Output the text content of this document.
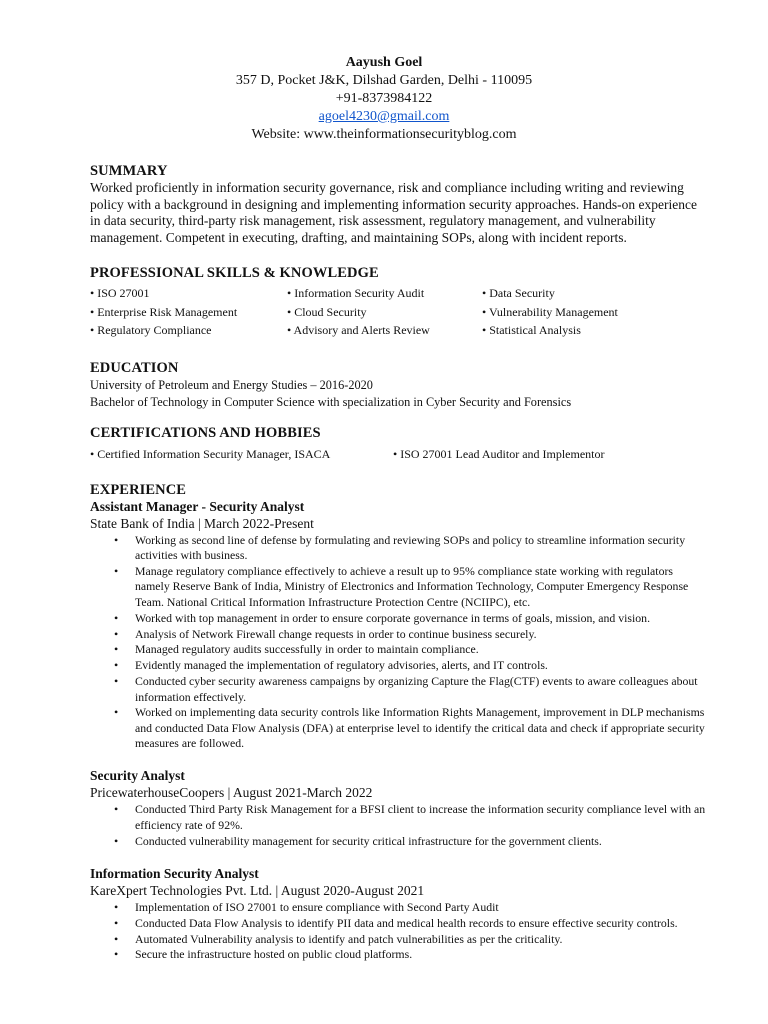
Aayush Goel
357 D, Pocket J&K, Dilshad Garden, Delhi - 110095
+91-8373984122
agoel4230@gmail.com
Website: www.theinformationsecurityblog.com
SUMMARY
Worked proficiently in information security governance, risk and compliance including writing and reviewing policy with a background in designing and implementing information security approaches. Hands-on experience in data security, third-party risk management, risk assessment, regulatory management, and vulnerability management. Competent in executing, drafting, and maintaining SOPs, along with incident reports.
PROFESSIONAL SKILLS & KNOWLEDGE
• ISO 27001	• Information Security Audit	• Data Security
• Enterprise Risk Management	• Cloud Security	• Vulnerability Management
• Regulatory Compliance	• Advisory and Alerts Review	• Statistical Analysis
EDUCATION
University of Petroleum and Energy Studies – 2016-2020
Bachelor of Technology in Computer Science with specialization in Cyber Security and Forensics
CERTIFICATIONS AND HOBBIES
• Certified Information Security Manager, ISACA	• ISO 27001 Lead Auditor and Implementor
EXPERIENCE
Assistant Manager - Security Analyst
State Bank of India | March 2022-Present
• Working as second line of defense by formulating and reviewing SOPs and policy to streamline information security activities with business.
• Manage regulatory compliance effectively to achieve a result up to 95% compliance state working with regulators namely Reserve Bank of India, Ministry of Electronics and Information Technology, Computer Emergency Response Team. National Critical Information Infrastructure Protection Centre (NCIIPC), etc.
• Worked with top management in order to ensure corporate governance in terms of goals, mission, and vision.
• Analysis of Network Firewall change requests in order to continue business securely.
• Managed regulatory audits successfully in order to maintain compliance.
• Evidently managed the implementation of regulatory advisories, alerts, and IT controls.
• Conducted cyber security awareness campaigns by organizing Capture the Flag(CTF) events to aware colleagues about information effectively.
• Worked on implementing data security controls like Information Rights Management, improvement in DLP mechanisms and conducted Data Flow Analysis (DFA) at enterprise level to identify the critical data and check if appropriate security measures are followed.
Security Analyst
PricewaterhouseCoopers | August 2021-March 2022
• Conducted Third Party Risk Management for a BFSI client to increase the information security compliance level with an efficiency rate of 92%.
• Conducted vulnerability management for security critical infrastructure for the government clients.
Information Security Analyst
KareXpert Technologies Pvt. Ltd. | August 2020-August 2021
• Implementation of ISO 27001 to ensure compliance with Second Party Audit
• Conducted Data Flow Analysis to identify PII data and medical health records to ensure effective security controls.
• Automated Vulnerability analysis to identify and patch vulnerabilities as per the criticality.
• Secure the infrastructure hosted on public cloud platforms.
